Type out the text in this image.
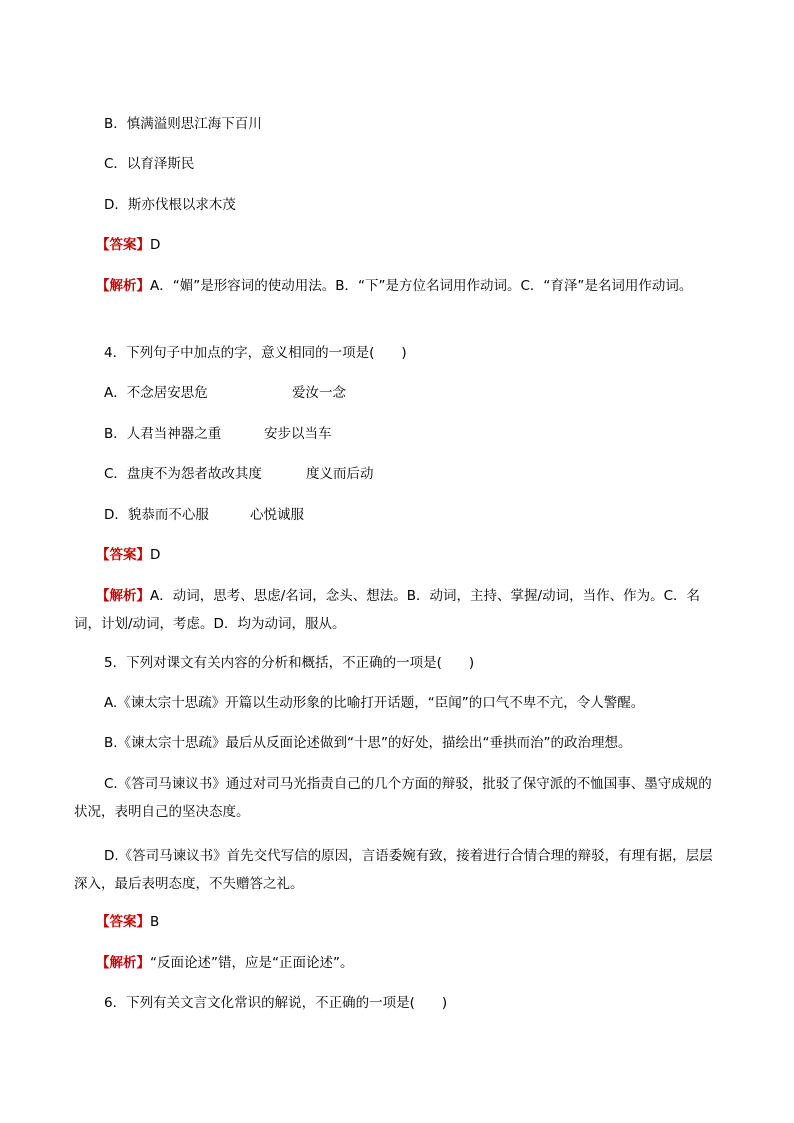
B．慎满溢则思江海下百川
C．以育泽斯民
D．斯亦伐根以求木茂
【答案】D
【解析】A．“媚”是形容词的使动用法。B．“下”是方位名词用作动词。C．“育泽”是名词用作动词。
4．下列句子中加点的字，意义相同的一项是(　　)
A．不念居安思危	爱汝一念
B．人君当神器之重	安步以当车
C．盘庚不为怨者故改其度	度义而后动
D．貌恭而不心服	心悦诚服
【答案】D
【解析】A．动词，思考、思虑/名词，念头、想法。B．动词，主持、掌握/动词，当作、作为。C．名词，计划/动词，考虑。D．均为动词，服从。
5．下列对课文有关内容的分析和概括，不正确的一项是(　　)
A.《谏太宗十思疏》开篇以生动形象的比喻打开话题，“臣闻”的口气不卑不亢，令人警醒。
B.《谏太宗十思疏》最后从反面论述做到“十思”的好处，描绘出“垂拱而治”的政治理想。
C.《答司马谏议书》通过对司马光指责自己的几个方面的辩驳，批驳了保守派的不恤国事、墨守成规的状况，表明自己的坚决态度。
D.《答司马谏议书》首先交代写信的原因，言语委婉有致，接着进行合情合理的辩驳，有理有据，层层深入，最后表明态度，不失赠答之礼。
【答案】B
【解析】“反面论述”错，应是“正面论述”。
6．下列有关文言文化常识的解说，不正确的一项是(　　)
